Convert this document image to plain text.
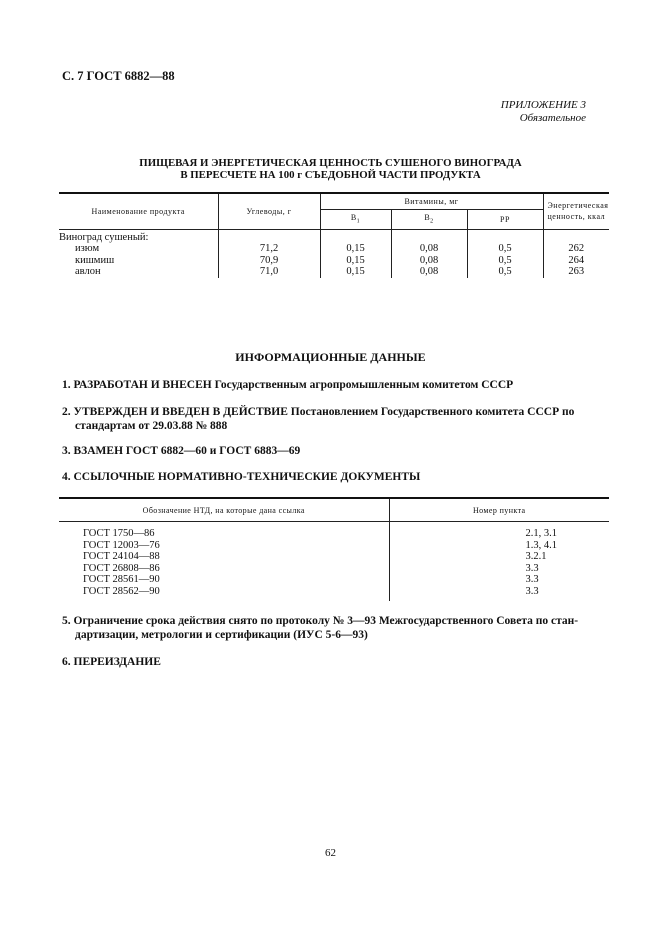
С. 7 ГОСТ 6882—88
ПРИЛОЖЕНИЕ 3
Обязательное
ПИЩЕВАЯ И ЭНЕРГЕТИЧЕСКАЯ ЦЕННОСТЬ СУШЕНОГО ВИНОГРАДА
В ПЕРЕСЧЕТЕ НА 100 г СЪЕДОБНОЙ ЧАСТИ ПРОДУКТА
Наименование продукта	Углеводы, г	Витамины, мг			Энергетическая
ценность, ккал
		$B_1$	$B_2$	PP	
Виноград сушеный:					
изюм	71,2	0,15	0,08	0,5	262
кишмиш	70,9	0,15	0,08	0,5	264
авлон	71,0	0,15	0,08	0,5	263
ИНФОРМАЦИОННЫЕ ДАННЫЕ
1. РАЗРАБОТАН И ВНЕСЕН Государственным агропромышленным комитетом СССР
2. УТВЕРЖДЕН И ВВЕДЕН В ДЕЙСТВИЕ Постановлением Государственного комитета СССР по
стандартам от 29.03.88 № 888
3. ВЗАМЕН ГОСТ 6882—60 и ГОСТ 6883—69
4. ССЫЛОЧНЫЕ НОРМАТИВНО-ТЕХНИЧЕСКИЕ ДОКУМЕНТЫ
Обозначение НТД, на которые дана ссылка	Номер пункта
ГОСТ 1750—86	2.1, 3.1
ГОСТ 12003—76	1.3, 4.1
ГОСТ 24104—88	3.2.1
ГОСТ 26808—86	3.3
ГОСТ 28561—90	3.3
ГОСТ 28562—90	3.3
5. Ограничение срока действия снято по протоколу № 3—93 Межгосударственного Совета по стан-
дартизации, метрологии и сертификации (ИУС 5-6—93)
6. ПЕРЕИЗДАНИЕ
62
